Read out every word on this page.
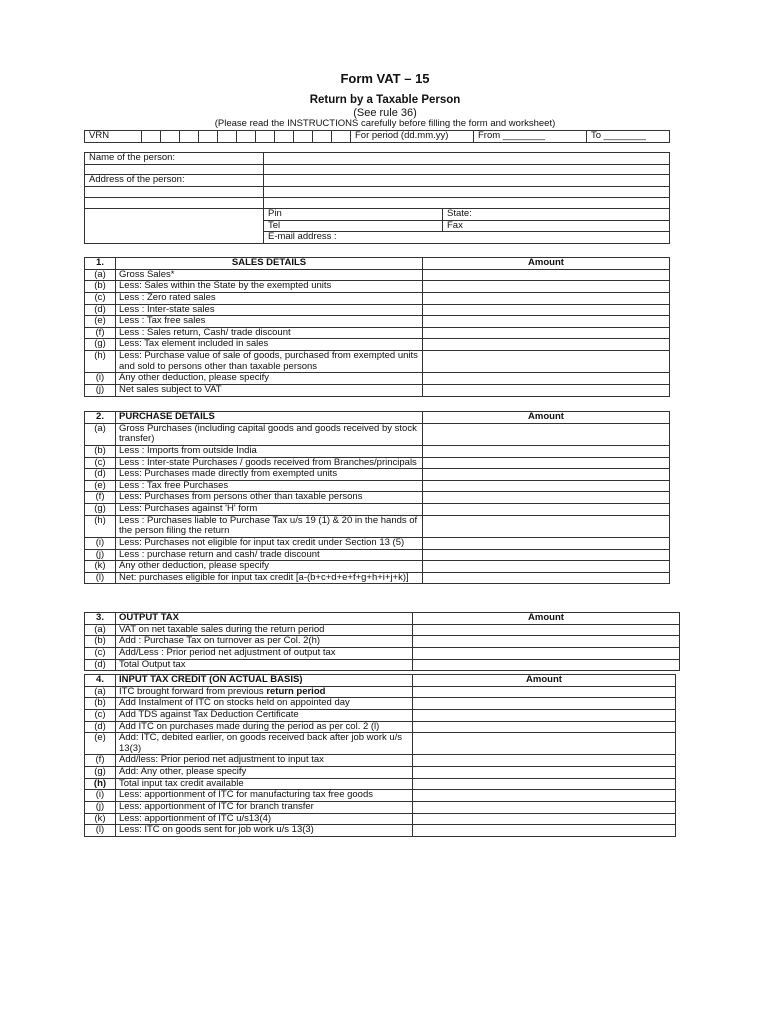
Form VAT – 15
Return by a Taxable Person
(See rule 36)
(Please read the INSTRUCTIONS carefully before filling the form and worksheet)
VRN												For period (dd.mm.yy)	From ________	To ________
Name of the person:		

Address of the person:		

	Pin	State:
	Tel	Fax
	E-mail address :	
1.	SALES DETAILS	Amount
(a)	Gross Sales*	
(b)	Less: Sales within the State by the exempted units	
(c)	Less : Zero rated sales	
(d)	Less : Inter-state sales	
(e)	Less : Tax free sales	
(f)	Less : Sales return, Cash/ trade discount	
(g)	Less: Tax element included in sales	
(h)	Less: Purchase value of sale of goods, purchased from exempted units and sold to persons other than taxable persons	
(i)	Any other deduction, please specify	
(j)	Net sales subject to VAT	
2.	PURCHASE DETAILS	Amount
(a)	Gross Purchases (including capital goods and goods received by stock transfer)	
(b)	Less : Imports from outside India	
(c)	Less : Inter-state Purchases / goods received from Branches/principals	
(d)	Less: Purchases made directly from exempted units	
(e)	Less : Tax free Purchases	
(f)	Less: Purchases from persons other than taxable persons	
(g)	Less: Purchases against 'H' form	
(h)	Less : Purchases liable to Purchase Tax u/s 19 (1) & 20 in the hands of the person filing the return	
(i)	Less: Purchases not eligible for input tax credit under Section 13 (5)	
(j)	Less : purchase return and cash/ trade discount	
(k)	Any other deduction, please specify	
(l)	Net: purchases eligible for input tax credit [a-(b+c+d+e+f+g+h+i+j+k)]	
3.	OUTPUT TAX	Amount
(a)	VAT on net taxable sales during the return period	
(b)	Add : Purchase Tax on turnover as per Col. 2(h)	
(c)	Add/Less : Prior period net adjustment of output tax	
(d)	Total Output tax	
4.	INPUT TAX CREDIT (ON ACTUAL BASIS)	Amount
(a)	ITC brought forward from previous return period	
(b)	Add Instalment of ITC on stocks held on appointed day	
(c)	Add TDS against Tax Deduction Certificate	
(d)	Add ITC on purchases made during the period as per col. 2 (l)	
(e)	Add: ITC, debited earlier, on goods received back after job work u/s 13(3)	
(f)	Add/less: Prior period net adjustment to input tax	
(g)	Add: Any other, please specify	
(h)	Total input tax credit available	
(i)	Less: apportionment of ITC for manufacturing tax free goods	
(j)	Less: apportionment of ITC for branch transfer	
(k)	Less: apportionment of ITC u/s13(4)	
(l)	Less: ITC on goods sent for job work u/s 13(3)	
